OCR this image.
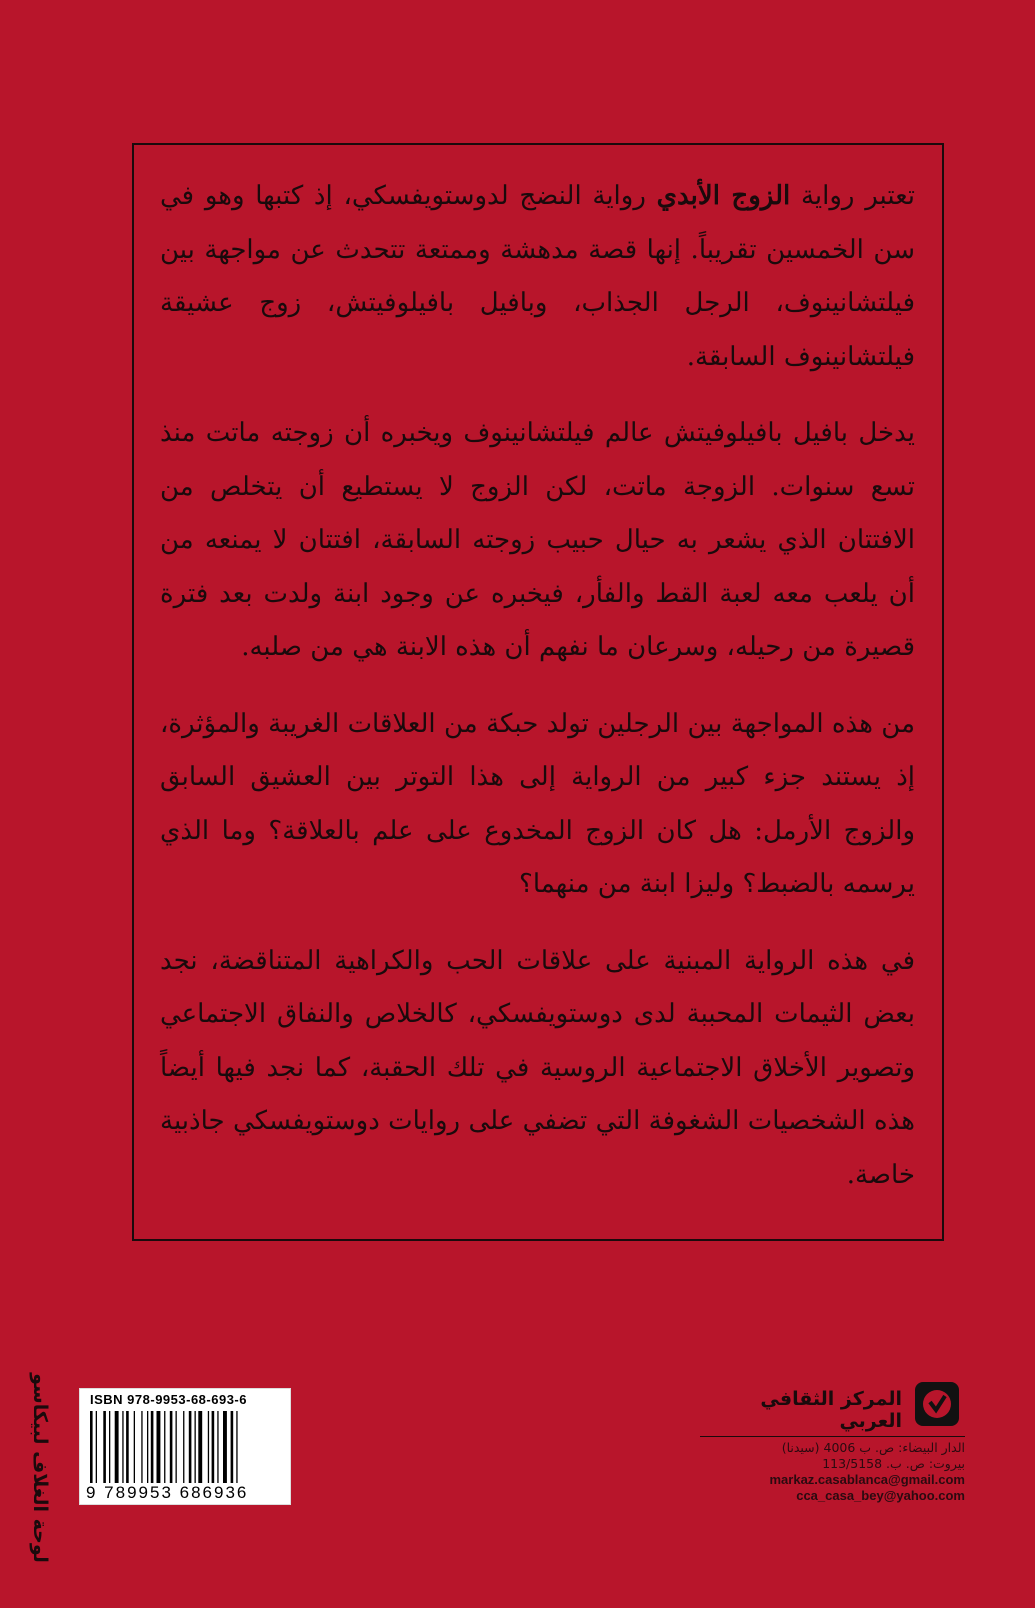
تعتبر رواية الزوج الأبدي رواية النضج لدوستويفسكي، إذ كتبها وهو في سن الخمسين تقريباً. إنها قصة مدهشة وممتعة تتحدث عن مواجهة بين فيلتشانينوف، الرجل الجذاب، وبافيل بافيلوفيتش، زوج عشيقة فيلتشانينوف السابقة.

يدخل بافيل بافيلوفيتش عالم فيلتشانينوف ويخبره أن زوجته ماتت منذ تسع سنوات. الزوجة ماتت، لكن الزوج لا يستطيع أن يتخلص من الافتتان الذي يشعر به حيال حبيب زوجته السابقة، افتتان لا يمنعه من أن يلعب معه لعبة القط والفأر، فيخبره عن وجود ابنة ولدت بعد فترة قصيرة من رحيله، وسرعان ما نفهم أن هذه الابنة هي من صلبه.

من هذه المواجهة بين الرجلين تولد حبكة من العلاقات الغريبة والمؤثرة، إذ يستند جزء كبير من الرواية إلى هذا التوتر بين العشيق السابق والزوج الأرمل: هل كان الزوج المخدوع على علم بالعلاقة؟ وما الذي يرسمه بالضبط؟ وليزا ابنة من منهما؟

في هذه الرواية المبنية على علاقات الحب والكراهية المتناقضة، نجد بعض الثيمات المحببة لدى دوستويفسكي، كالخلاص والنفاق الاجتماعي وتصوير الأخلاق الاجتماعية الروسية في تلك الحقبة، كما نجد فيها أيضاً هذه الشخصيات الشغوفة التي تضفي على روايات دوستويفسكي جاذبية خاصة.

لوحة الغلاف لبيكاسو	ISBN 978-9953-68-693-6
9 789953 686936
المركز الثقافي العربي
الدار البيضاء: ص. ب 4006 (سيدنا)
بيروت: ص. ب. 113/5158
markaz.casablanca@gmail.com
cca_casa_bey@yahoo.com
